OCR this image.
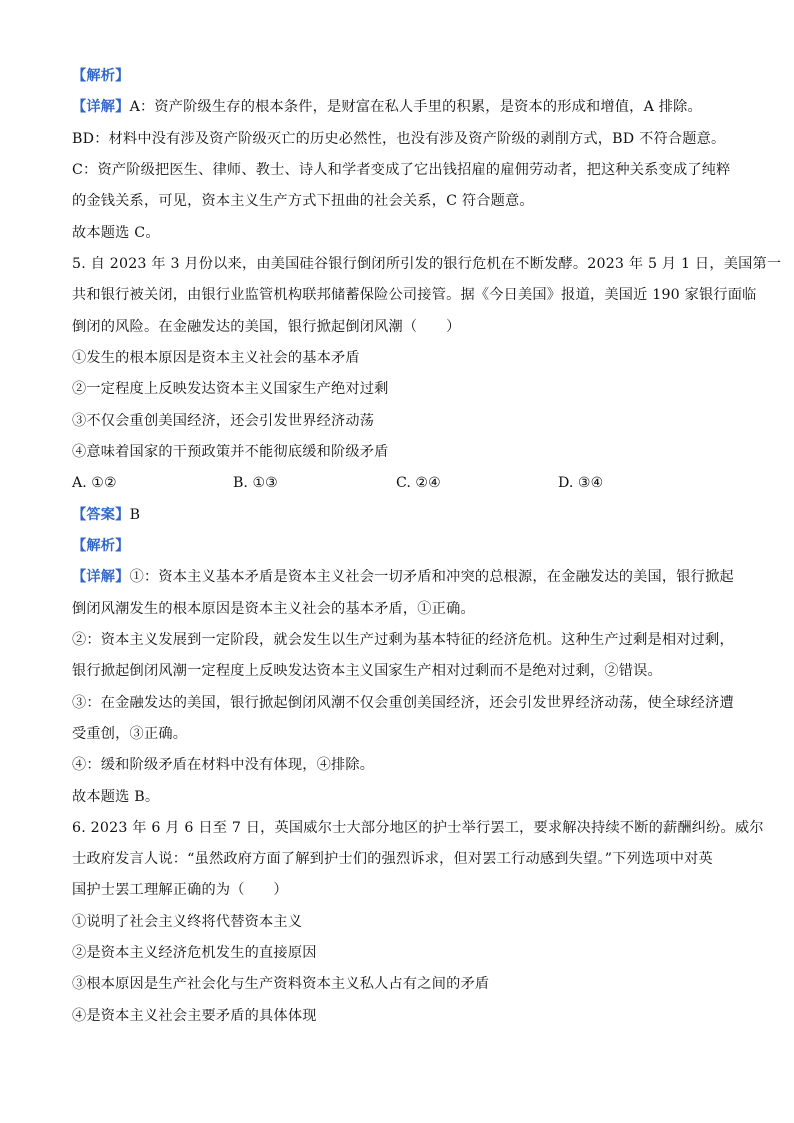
【解析】
【详解】A：资产阶级生存的根本条件，是财富在私人手里的积累，是资本的形成和增值，A 排除。
BD：材料中没有涉及资产阶级灭亡的历史必然性，也没有涉及资产阶级的剥削方式，BD 不符合题意。
C：资产阶级把医生、律师、教士、诗人和学者变成了它出钱招雇的雇佣劳动者，把这种关系变成了纯粹
的金钱关系，可见，资本主义生产方式下扭曲的社会关系，C 符合题意。
故本题选 C。
5. 自 2023 年 3 月份以来，由美国硅谷银行倒闭所引发的银行危机在不断发酵。2023 年 5 月 1 日，美国第一
共和银行被关闭，由银行业监管机构联邦储蓄保险公司接管。据《今日美国》报道，美国近 190 家银行面临
倒闭的风险。在金融发达的美国，银行掀起倒闭风潮（　　）
①发生的根本原因是资本主义社会的基本矛盾
②一定程度上反映发达资本主义国家生产绝对过剩
③不仅会重创美国经济，还会引发世界经济动荡
④意味着国家的干预政策并不能彻底缓和阶级矛盾
A. ①②	B. ①③	C. ②④	D. ③④
【答案】B
【解析】
【详解】①：资本主义基本矛盾是资本主义社会一切矛盾和冲突的总根源，在金融发达的美国，银行掀起
倒闭风潮发生的根本原因是资本主义社会的基本矛盾，①正确。
②：资本主义发展到一定阶段，就会发生以生产过剩为基本特征的经济危机。这种生产过剩是相对过剩，
银行掀起倒闭风潮一定程度上反映发达资本主义国家生产相对过剩而不是绝对过剩，②错误。
③：在金融发达的美国，银行掀起倒闭风潮不仅会重创美国经济，还会引发世界经济动荡，使全球经济遭
受重创，③正确。
④：缓和阶级矛盾在材料中没有体现，④排除。
故本题选 B。
6. 2023 年 6 月 6 日至 7 日，英国威尔士大部分地区的护士举行罢工，要求解决持续不断的薪酬纠纷。威尔
士政府发言人说：“虽然政府方面了解到护士们的强烈诉求，但对罢工行动感到失望。”下列选项中对英
国护士罢工理解正确的为（　　）
①说明了社会主义终将代替资本主义
②是资本主义经济危机发生的直接原因
③根本原因是生产社会化与生产资料资本主义私人占有之间的矛盾
④是资本主义社会主要矛盾的具体体现
